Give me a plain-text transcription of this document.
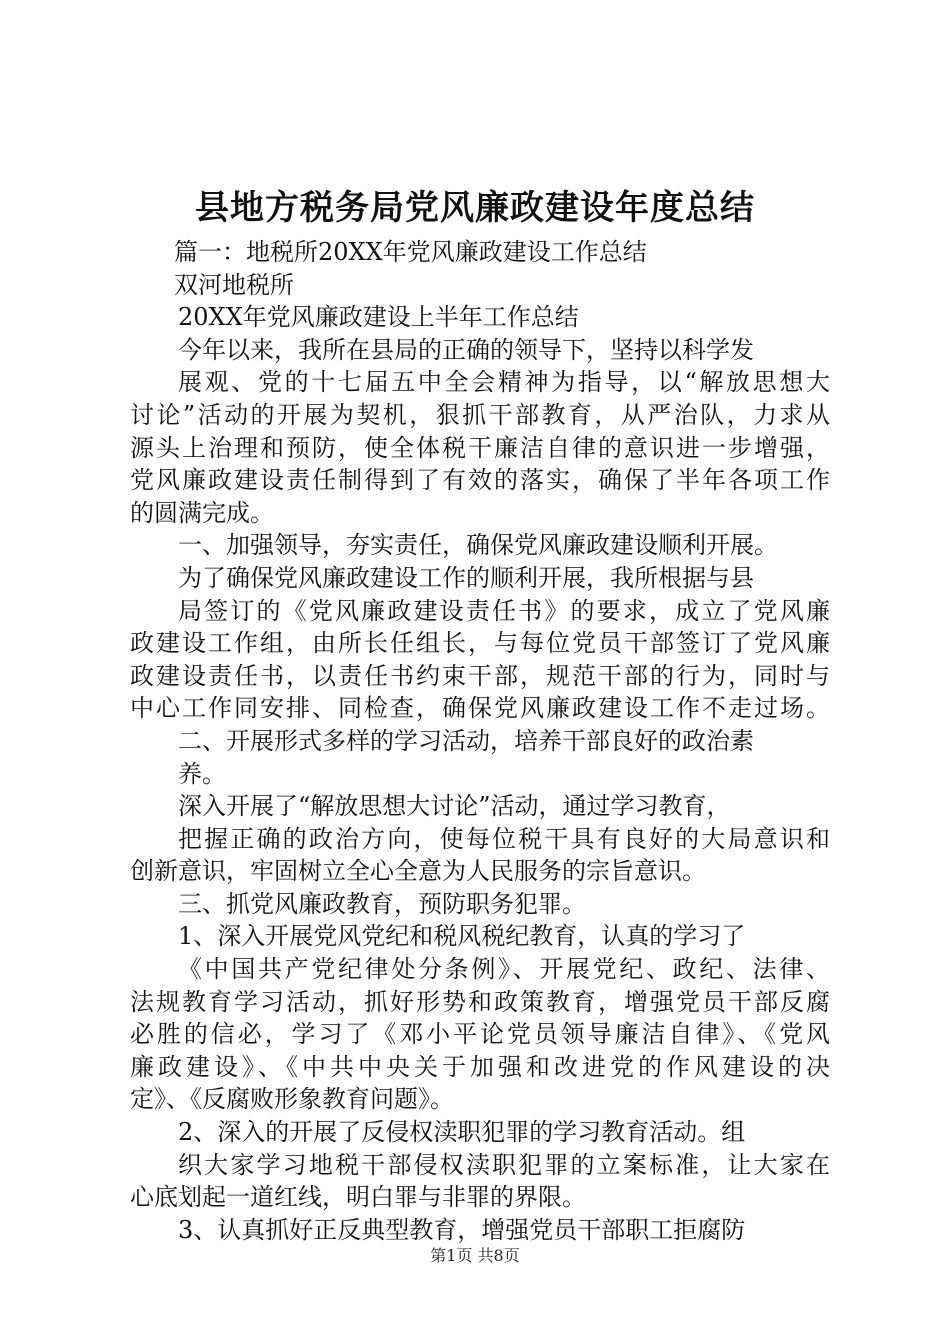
县地方税务局党风廉政建设年度总结
篇一：地税所20XX年党风廉政建设工作总结
双河地税所
20XX年党风廉政建设上半年工作总结
今年以来，我所在县局的正确的领导下，坚持以科学发
展观、党的十七届五中全会精神为指导，以“解放思想大
讨论”活动的开展为契机，狠抓干部教育，从严治队，力求从
源头上治理和预防，使全体税干廉洁自律的意识进一步增强，
党风廉政建设责任制得到了有效的落实，确保了半年各项工作
的圆满完成。
一、加强领导，夯实责任，确保党风廉政建设顺利开展。
为了确保党风廉政建设工作的顺利开展，我所根据与县
局签订的《党风廉政建设责任书》的要求，成立了党风廉
政建设工作组，由所长任组长，与每位党员干部签订了党风廉
政建设责任书，以责任书约束干部，规范干部的行为，同时与
中心工作同安排、同检查，确保党风廉政建设工作不走过场。
二、开展形式多样的学习活动，培养干部良好的政治素
养。
深入开展了“解放思想大讨论”活动，通过学习教育，
把握正确的政治方向，使每位税干具有良好的大局意识和
创新意识，牢固树立全心全意为人民服务的宗旨意识。
三、抓党风廉政教育，预防职务犯罪。
1、深入开展党风党纪和税风税纪教育，认真的学习了
《中国共产党纪律处分条例》、开展党纪、政纪、法律、
法规教育学习活动，抓好形势和政策教育，增强党员干部反腐
必胜的信必，学习了《邓小平论党员领导廉洁自律》、《党风
廉政建设》、《中共中央关于加强和改进党的作风建设的决
定》、《反腐败形象教育问题》。
2、深入的开展了反侵权渎职犯罪的学习教育活动。组
织大家学习地税干部侵权渎职犯罪的立案标准，让大家在
心底划起一道红线，明白罪与非罪的界限。
3、认真抓好正反典型教育，增强党员干部职工拒腐防
第1页 共8页
